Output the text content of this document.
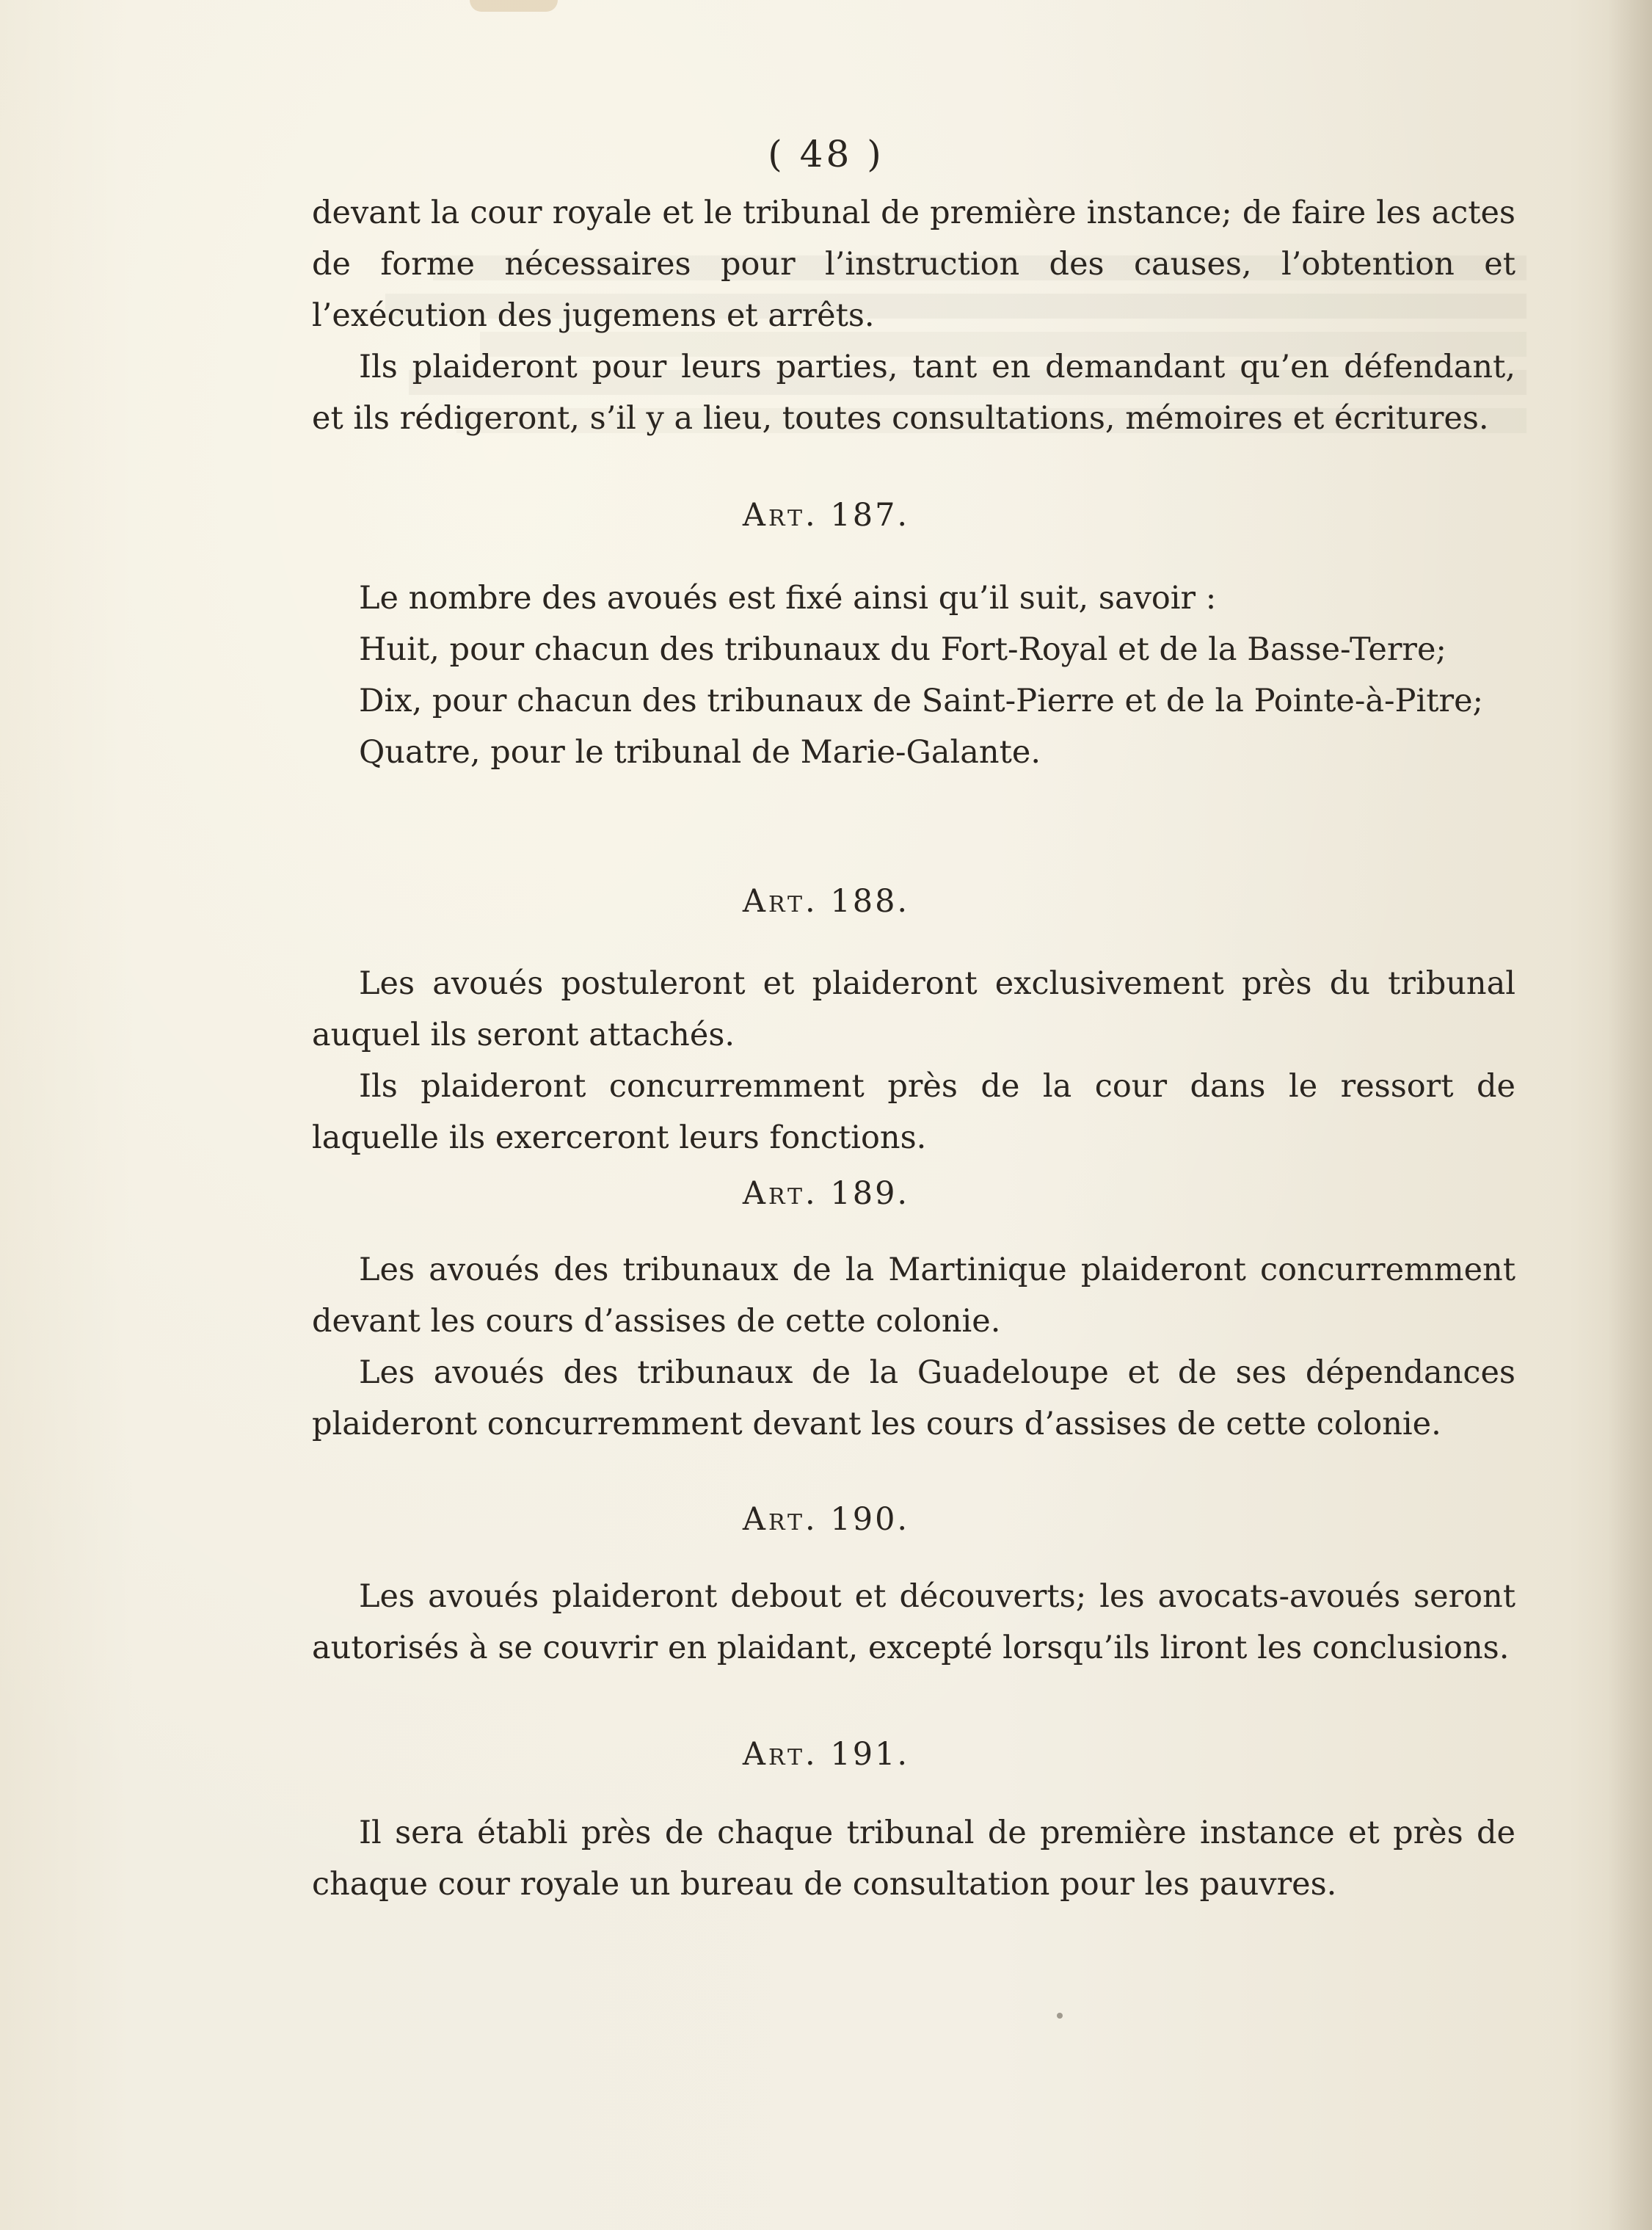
( 48 )

devant la cour royale et le tribunal de première instance; de faire les actes de forme nécessaires pour l’instruction des causes, l’obtention et l’exécution des jugemens et arrêts.

Ils plaideront pour leurs parties, tant en demandant qu’en défendant, et ils rédigeront, s’il y a lieu, toutes consultations, mémoires et écritures.

Art. 187.

Le nombre des avoués est fixé ainsi qu’il suit, savoir :

Huit, pour chacun des tribunaux du Fort-Royal et de la Basse-Terre;

Dix, pour chacun des tribunaux de Saint-Pierre et de la Pointe-à-Pitre;

Quatre, pour le tribunal de Marie-Galante.

Art. 188.

Les avoués postuleront et plaideront exclusivement près du tribunal auquel ils seront attachés.

Ils plaideront concurremment près de la cour dans le ressort de laquelle ils exerceront leurs fonctions.

Art. 189.

Les avoués des tribunaux de la Martinique plaideront concurremment devant les cours d’assises de cette colonie.

Les avoués des tribunaux de la Guadeloupe et de ses dépendances plaideront concurremment devant les cours d’assises de cette colonie.

Art. 190.

Les avoués plaideront debout et découverts; les avocats-avoués seront autorisés à se couvrir en plaidant, excepté lorsqu’ils liront les conclusions.

Art. 191.

Il sera établi près de chaque tribunal de première instance et près de chaque cour royale un bureau de consultation pour les pauvres.
